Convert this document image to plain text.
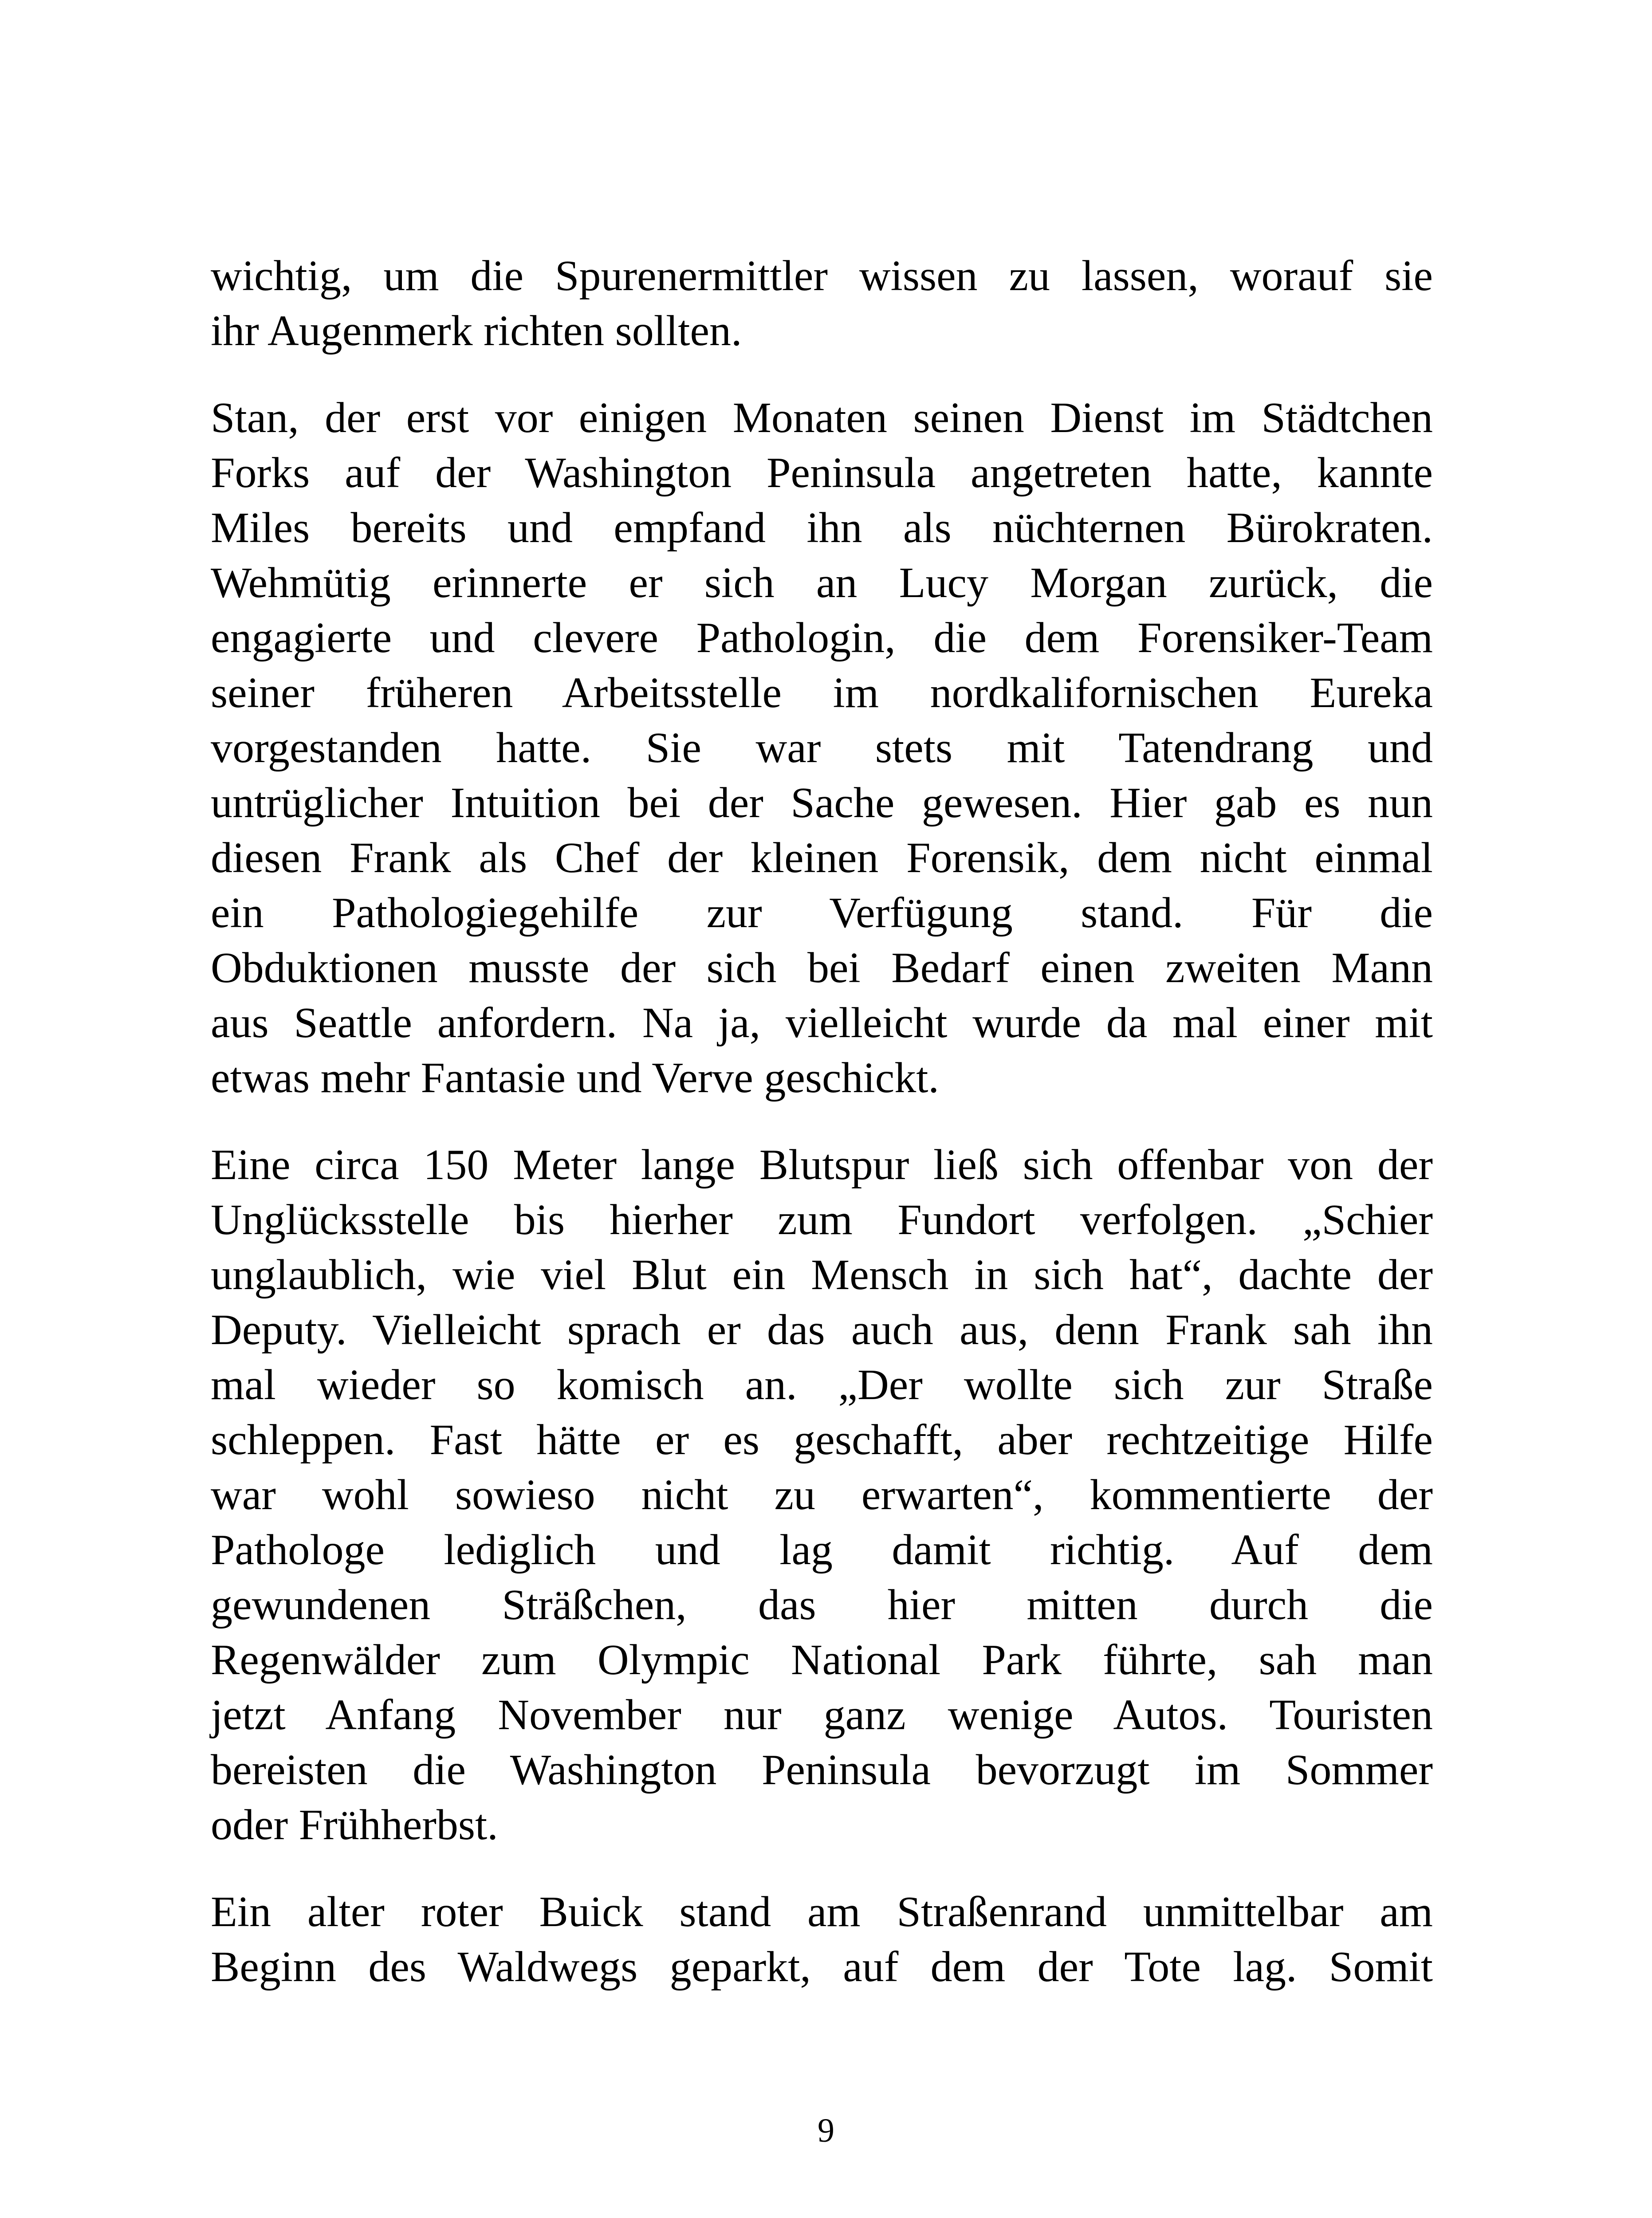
wichtig, um die Spurenermittler wissen zu lassen, worauf sie
ihr Augenmerk richten sollten.
Stan, der erst vor einigen Monaten seinen Dienst im Städtchen
Forks auf der Washington Peninsula angetreten hatte, kannte
Miles bereits und empfand ihn als nüchternen Bürokraten.
Wehmütig erinnerte er sich an Lucy Morgan zurück, die
engagierte und clevere Pathologin, die dem Forensiker-Team
seiner früheren Arbeitsstelle im nordkalifornischen Eureka
vorgestanden hatte. Sie war stets mit Tatendrang und
untrüglicher Intuition bei der Sache gewesen. Hier gab es nun
diesen Frank als Chef der kleinen Forensik, dem nicht einmal
ein Pathologiegehilfe zur Verfügung stand. Für die
Obduktionen musste der sich bei Bedarf einen zweiten Mann
aus Seattle anfordern. Na ja, vielleicht wurde da mal einer mit
etwas mehr Fantasie und Verve geschickt.
Eine circa 150 Meter lange Blutspur ließ sich offenbar von der
Unglücksstelle bis hierher zum Fundort verfolgen. „Schier
unglaublich, wie viel Blut ein Mensch in sich hat“, dachte der
Deputy. Vielleicht sprach er das auch aus, denn Frank sah ihn
mal wieder so komisch an. „Der wollte sich zur Straße
schleppen. Fast hätte er es geschafft, aber rechtzeitige Hilfe
war wohl sowieso nicht zu erwarten“, kommentierte der
Pathologe lediglich und lag damit richtig. Auf dem
gewundenen Sträßchen, das hier mitten durch die
Regenwälder zum Olympic National Park führte, sah man
jetzt Anfang November nur ganz wenige Autos. Touristen
bereisten die Washington Peninsula bevorzugt im Sommer
oder Frühherbst.
Ein alter roter Buick stand am Straßenrand unmittelbar am
Beginn des Waldwegs geparkt, auf dem der Tote lag. Somit
9
